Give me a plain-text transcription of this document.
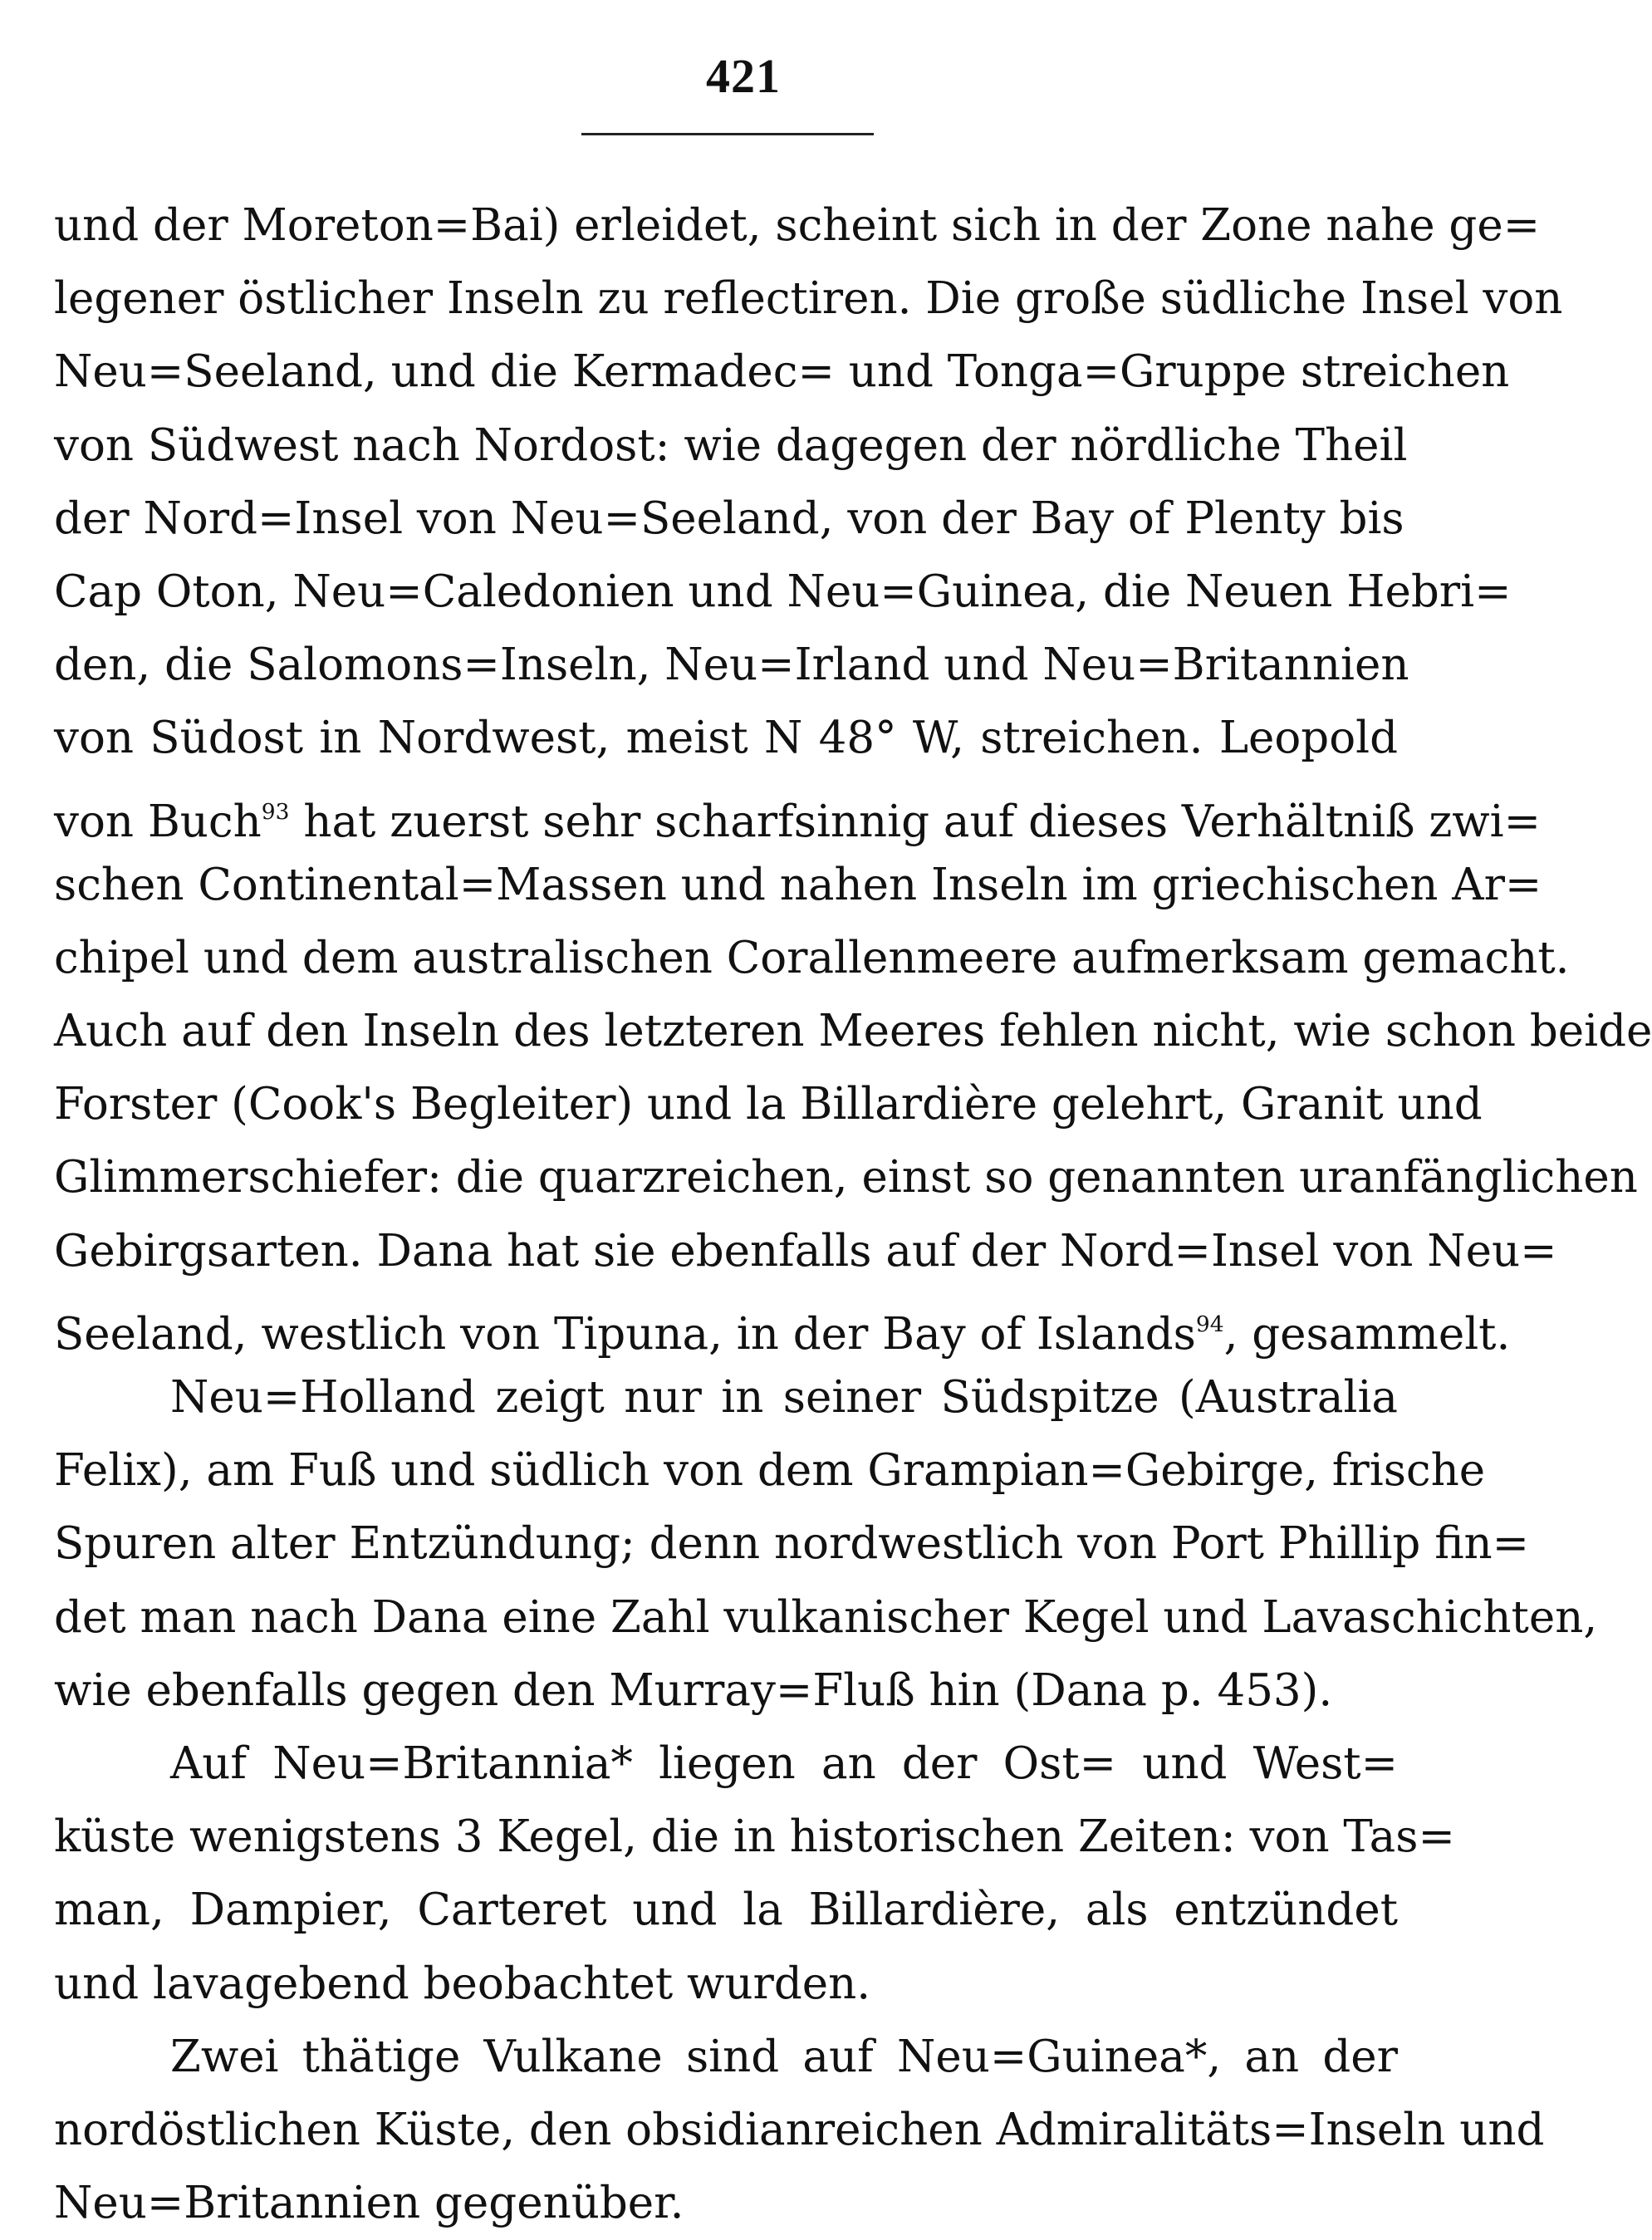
421
und der Moreton=Bai) erleidet, scheint sich in der Zone nahe ge=
legener östlicher Inseln zu reflectiren. Die große südliche Insel von
Neu=Seeland, und die Kermadec= und Tonga=Gruppe streichen
von Südwest nach Nordost: wie dagegen der nördliche Theil
der Nord=Insel von Neu=Seeland, von der Bay of Plenty bis
Cap Oton, Neu=Caledonien und Neu=Guinea, die Neuen Hebri=
den, die Salomons=Inseln, Neu=Irland und Neu=Britannien
von Südost in Nordwest, meist N 48° W, streichen. Leopold
von Buch$^{93}$ hat zuerst sehr scharfsinnig auf dieses Verhältniß zwi=
schen Continental=Massen und nahen Inseln im griechischen Ar=
chipel und dem australischen Corallenmeere aufmerksam gemacht.
Auch auf den Inseln des letzteren Meeres fehlen nicht, wie schon beide
Forster (Cook's Begleiter) und la Billardière gelehrt, Granit und
Glimmerschiefer: die quarzreichen, einst so genannten uranfänglichen
Gebirgsarten. Dana hat sie ebenfalls auf der Nord=Insel von Neu=
Seeland, westlich von Tipuna, in der Bay of Islands$^{94}$, gesammelt.
Neu=Holland zeigt nur in seiner Südspitze (Australia
Felix), am Fuß und südlich von dem Grampian=Gebirge, frische
Spuren alter Entzündung; denn nordwestlich von Port Phillip fin=
det man nach Dana eine Zahl vulkanischer Kegel und Lavaschichten,
wie ebenfalls gegen den Murray=Fluß hin (Dana p. 453).
Auf Neu=Britannia* liegen an der Ost= und West=
küste wenigstens 3 Kegel, die in historischen Zeiten: von Tas=
man, Dampier, Carteret und la Billardière, als entzündet
und lavagebend beobachtet wurden.
Zwei thätige Vulkane sind auf Neu=Guinea*, an der
nordöstlichen Küste, den obsidianreichen Admiralitäts=Inseln und
Neu=Britannien gegenüber.
